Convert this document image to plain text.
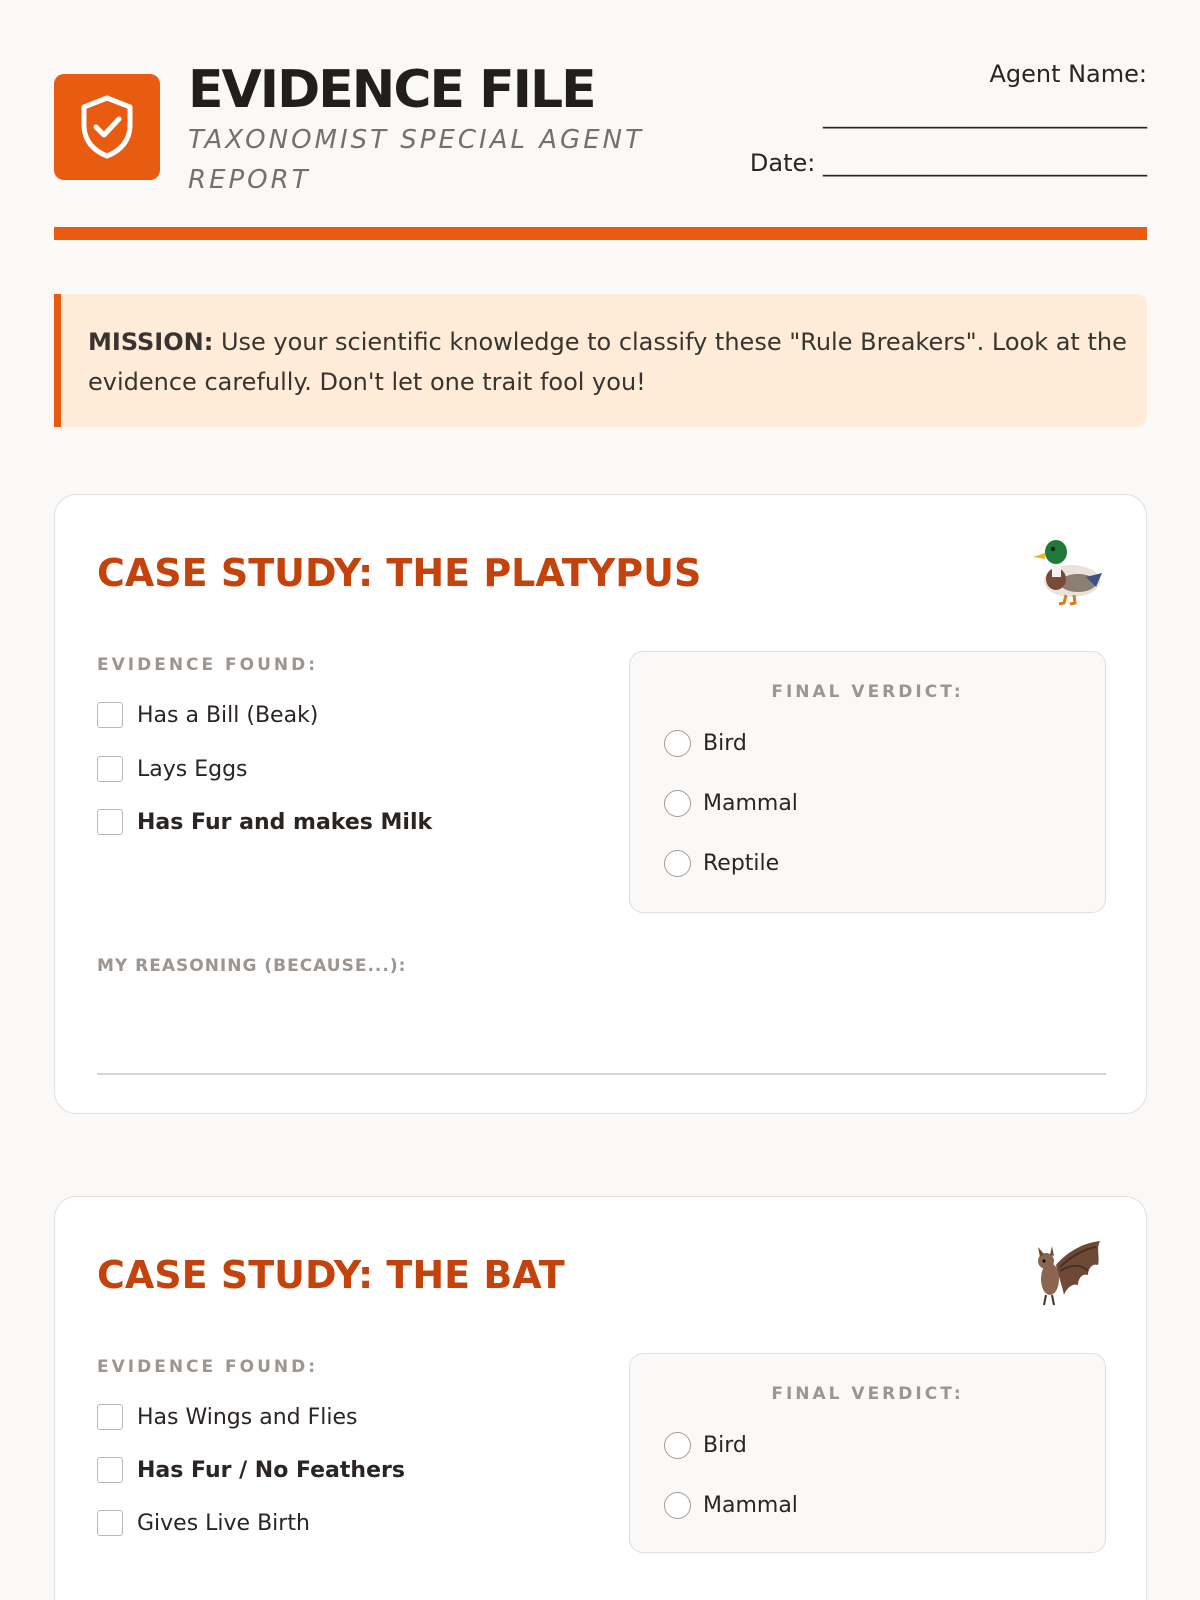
EVIDENCE FILE
TAXONOMIST SPECIAL AGENT REPORT
Agent Name:
___________________________
Date: ___________________________
MISSION: Use your scientific knowledge to classify these "Rule Breakers". Look at the evidence carefully. Don't let one trait fool you!
CASE STUDY: THE PLATYPUS
EVIDENCE FOUND:
Has a Bill (Beak)
Lays Eggs
Has Fur and makes Milk
FINAL VERDICT:
Bird
Mammal
Reptile
MY REASONING (BECAUSE...):
CASE STUDY: THE BAT
EVIDENCE FOUND:
Has Wings and Flies
Has Fur / No Feathers
Gives Live Birth
FINAL VERDICT:
Bird
Mammal
